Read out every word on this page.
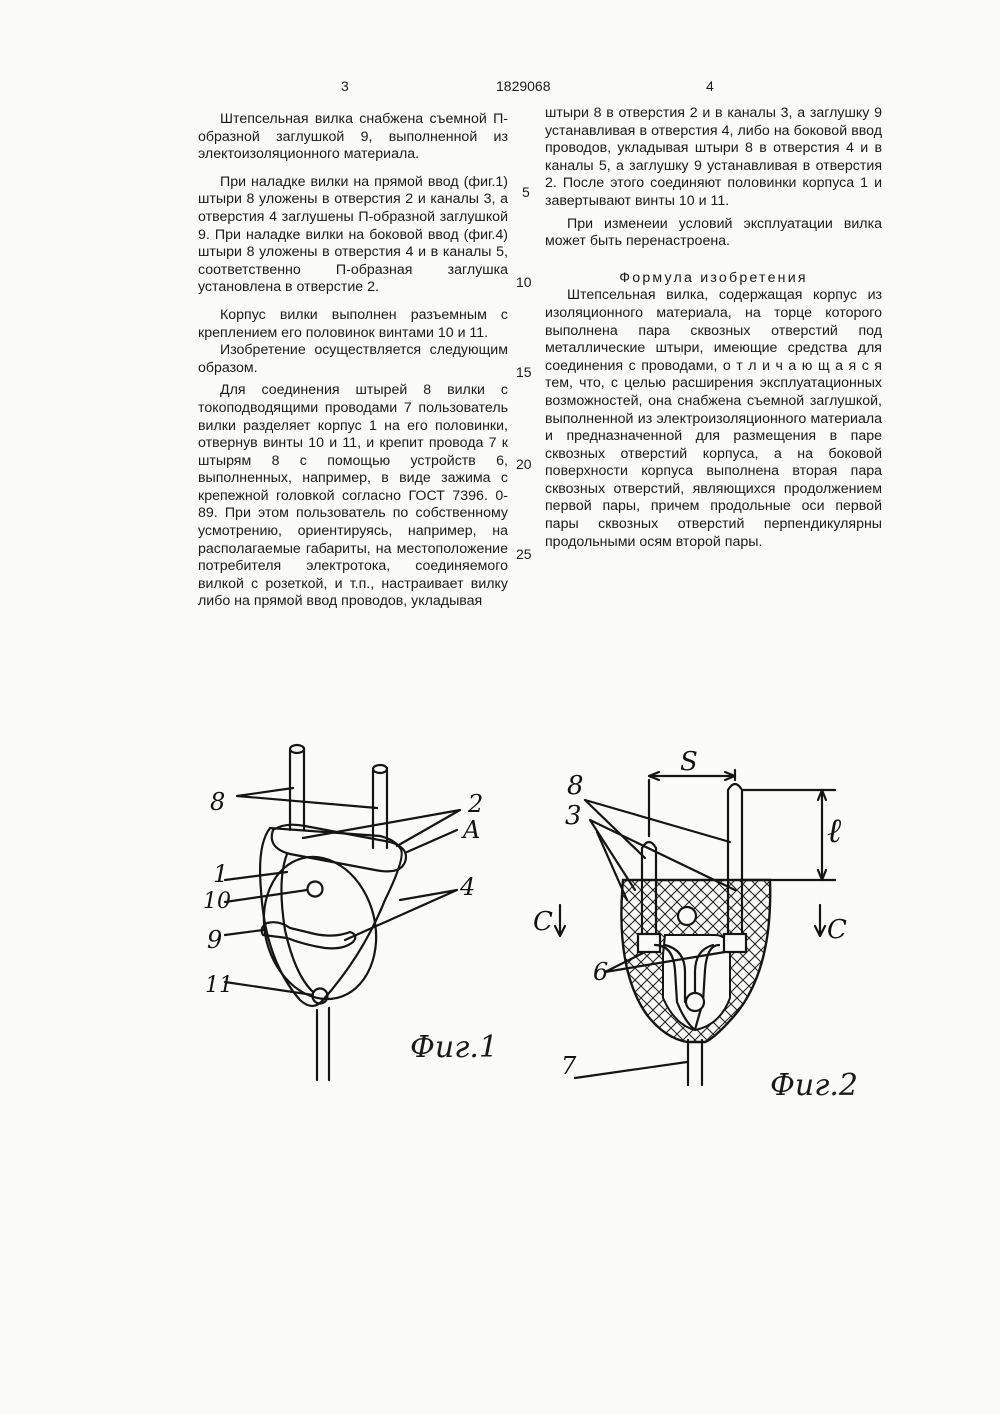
3	1829068	4

Штепсельная вилка снабжена съемной П-образной заглушкой 9, выполненной из электоизоляционного материала.

При наладке вилки на прямой ввод (фиг.1) штыри 8 уложены в отверстия 2 и каналы 3, а отверстия 4 заглушены П-образной заглушкой 9. При наладке вилки на боковой ввод (фиг.4) штыри 8 уложены в отверстия 4 и в каналы 5, соответственно П-образная заглушка установлена в отверстие 2.

Корпус вилки выполнен разъемным с креплением его половинок винтами 10 и 11.

Изобретение осуществляется следующим образом.

Для соединения штырей 8 вилки с токоподводящими проводами 7 пользователь вилки разделяет корпус 1 на его половинки, отвернув винты 10 и 11, и крепит провода 7 к штырям 8 с помощью устройств 6, выполненных, например, в виде зажима с крепежной головкой согласно ГОСТ 7396. 0-89. При этом пользователь по собственному усмотрению, ориентируясь, например, на располагаемые габариты, на местоположение потребителя электротока, соединяемого вилкой с розеткой, и т.п., настраивает вилку либо на прямой ввод проводов, укладывая

5
10
15
20
25

штыри 8 в отверстия 2 и в каналы 3, а заглушку 9 устанавливая в отверстия 4, либо на боковой ввод проводов, укладывая штыри 8 в отверстия 4 и в каналы 5, а заглушку 9 устанавливая в отверстия 2. После этого соединяют половинки корпуса 1 и завертывают винты 10 и 11.

При изменеии условий эксплуатации вилка может быть перенастроена.

Формула изобретения

Штепсельная вилка, содержащая корпус из изоляционного материала, на торце которого выполнена пара сквозных отверстий под металлические штыри, имеющие средства для соединения с проводами, о т л и ч а ю щ а я с я тем, что, с целью расширения эксплуатационных возможностей, она снабжена съемной заглушкой, выполненной из электроизоляционного материала и предназначенной для размещения в паре сквозных отверстий корпуса, а на боковой поверхности корпуса выполнена вторая пара сквозных отверстий, являющихся продолжением первой пары, причем продольные оси первой пары сквозных отверстий перпендикулярны продольными осям второй пары.

8	2
A
1
10
9
4
11
Фиг.1
8
3
S
ℓ
C	C
6
7
Фиг.2
